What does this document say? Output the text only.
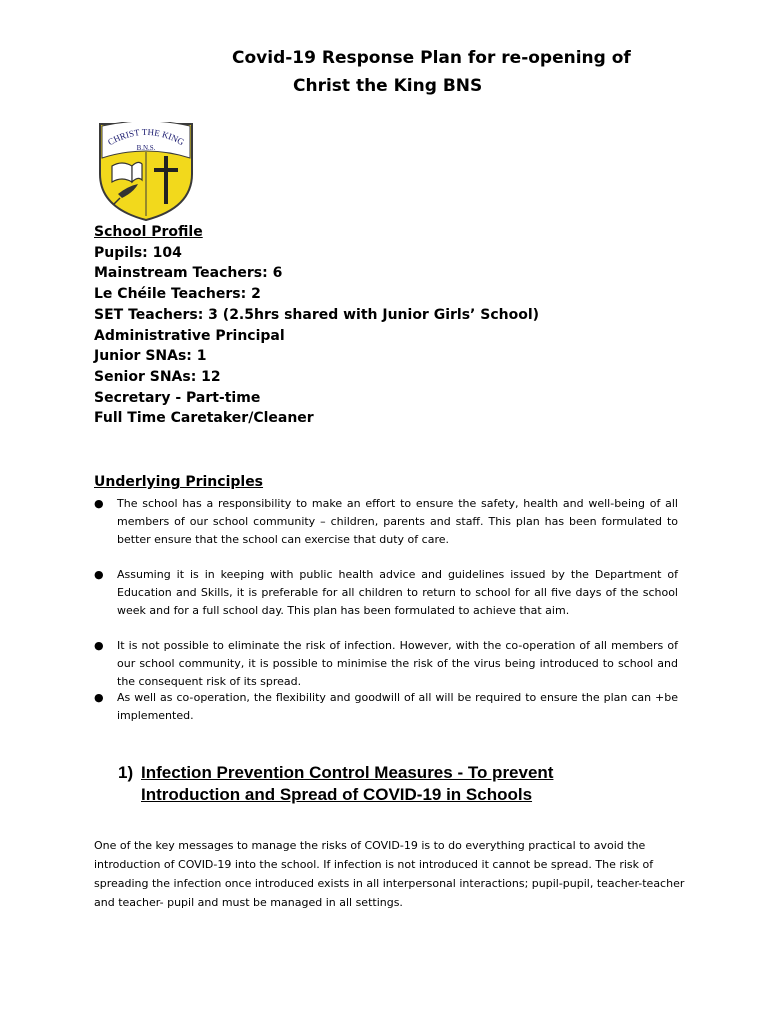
Covid-19 Response Plan for re-opening of
Christ the King BNS
CHRIST THE KING
B.N.S.
School Profile
Pupils: 104
Mainstream Teachers: 6
Le Chéile Teachers: 2
SET Teachers: 3 (2.5hrs shared with Junior Girls’ School)
Administrative Principal
Junior SNAs: 1
Senior SNAs: 12
Secretary - Part-time
Full Time Caretaker/Cleaner
Underlying Principles
● The school has a responsibility to make an effort to ensure the safety, health and well-being of all members of our school community – children, parents and staff. This plan has been formulated to better ensure that the school can exercise that duty of care.
● Assuming it is in keeping with public health advice and guidelines issued by the Department of Education and Skills, it is preferable for all children to return to school for all five days of the school week and for a full school day. This plan has been formulated to achieve that aim.
● It is not possible to eliminate the risk of infection. However, with the co-operation of all members of our school community, it is possible to minimise the risk of the virus being introduced to school and the consequent risk of its spread.
● As well as co-operation, the flexibility and goodwill of all will be required to ensure the plan can +be implemented.
1) Infection Prevention Control Measures - To prevent
Introduction and Spread of COVID-19 in Schools
One of the key messages to manage the risks of COVID-19 is to do everything practical to avoid the introduction of COVID-19 into the school. If infection is not introduced it cannot be spread. The risk of spreading the infection once introduced exists in all interpersonal interactions; pupil-pupil, teacher-teacher and teacher- pupil and must be managed in all settings.
